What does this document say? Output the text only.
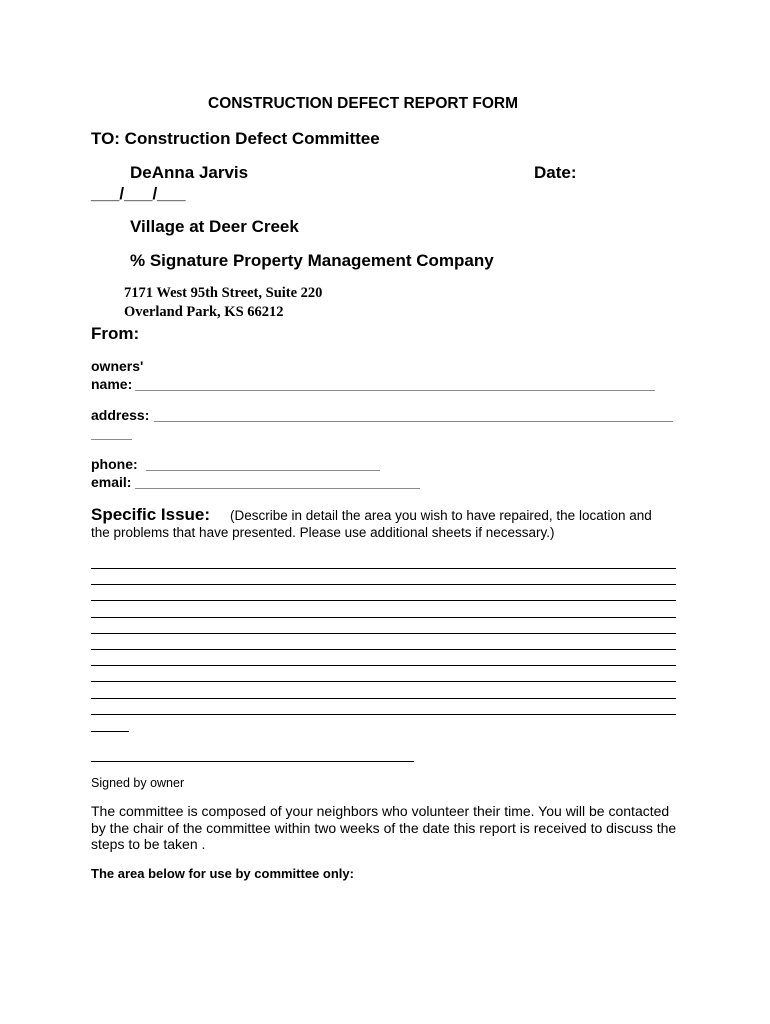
CONSTRUCTION DEFECT REPORT FORM
TO: Construction Defect Committee
DeAnna Jarvis	Date:
___/___/___
Village at Deer Creek
% Signature Property Management Company
7171 West 95th Street, Suite 220
Overland Park, KS 66212
From:
owners'
name:
address:
phone:
email:
Specific Issue: (Describe in detail the area you wish to have repaired, the location and
the problems that have presented. Please use additional sheets if necessary.)
Signed by owner
The committee is composed of your neighbors who volunteer their time. You will be contacted by the chair of the committee within two weeks of the date this report is received to discuss the steps to be taken .
The area below for use by committee only:
